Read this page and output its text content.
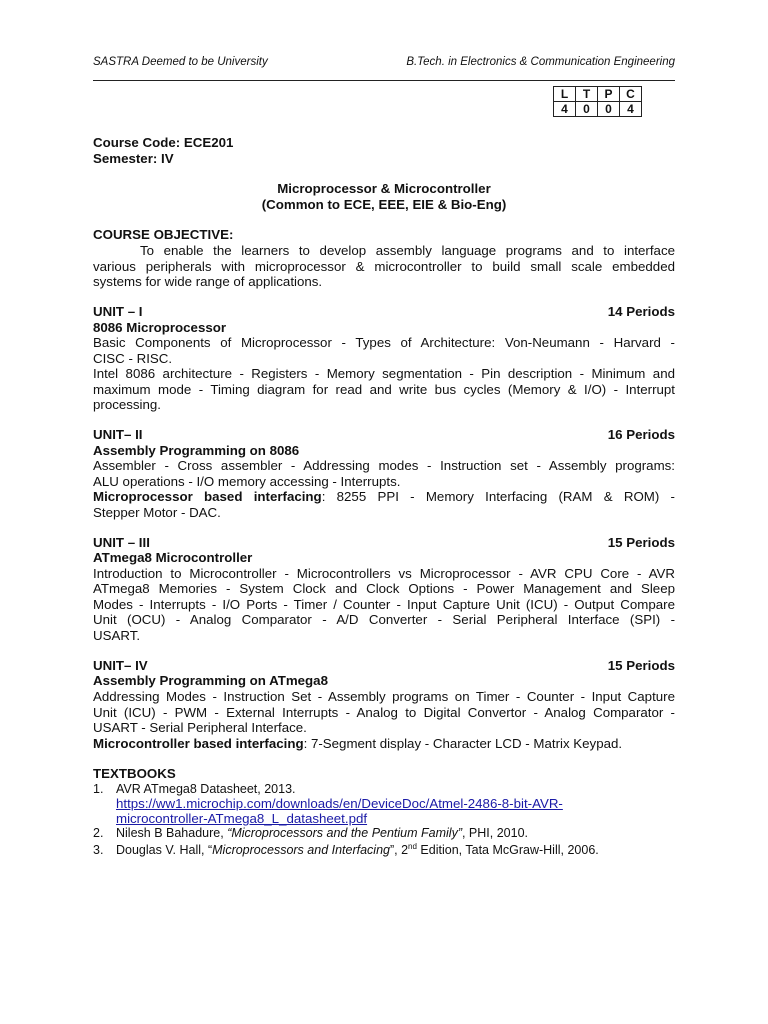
SASTRA Deemed to be University	B.Tech. in Electronics & Communication Engineering
L	T	P	C
4	0	0	4

Course Code: ECE201

Semester: IV

Microprocessor & Microcontroller

(Common to ECE, EEE, EIE & Bio-Eng)

COURSE OBJECTIVE:

To enable the learners to develop assembly language programs and to interface

various peripherals with microprocessor & microcontroller to build small scale embedded

systems for wide range of applications.

UNIT – I	14 Periods

8086 Microprocessor

Basic Components of Microprocessor - Types of Architecture: Von-Neumann - Harvard -

CISC - RISC.

Intel 8086 architecture - Registers - Memory segmentation - Pin description - Minimum and

maximum mode - Timing diagram for read and write bus cycles (Memory & I/O) - Interrupt

processing.

UNIT– II	16 Periods

Assembly Programming on 8086

Assembler - Cross assembler - Addressing modes - Instruction set - Assembly programs:

ALU operations - I/O memory accessing - Interrupts.

Microprocessor based interfacing: 8255 PPI - Memory Interfacing (RAM & ROM) -

Stepper Motor - DAC.

UNIT – III	15 Periods

ATmega8 Microcontroller

Introduction to Microcontroller - Microcontrollers vs Microprocessor - AVR CPU Core - AVR

ATmega8 Memories - System Clock and Clock Options - Power Management and Sleep

Modes - Interrupts - I/O Ports - Timer / Counter - Input Capture Unit (ICU) - Output Compare

Unit (OCU) - Analog Comparator - A/D Converter - Serial Peripheral Interface (SPI) -

USART.

UNIT– IV	15 Periods

Assembly Programming on ATmega8

Addressing Modes - Instruction Set - Assembly programs on Timer - Counter - Input Capture

Unit (ICU) - PWM - External Interrupts - Analog to Digital Convertor - Analog Comparator -

USART - Serial Peripheral Interface.

Microcontroller based interfacing: 7-Segment display - Character LCD - Matrix Keypad.

TEXTBOOKS

1. AVR ATmega8 Datasheet, 2013.
https://ww1.microchip.com/downloads/en/DeviceDoc/Atmel-2486-8-bit-AVR-
microcontroller-ATmega8_L_datasheet.pdf
2. Nilesh B Bahadure, “Microprocessors and the Pentium Family”, PHI, 2010.
3. Douglas V. Hall, “Microprocessors and Interfacing”, 2nd Edition, Tata McGraw-Hill, 2006.
